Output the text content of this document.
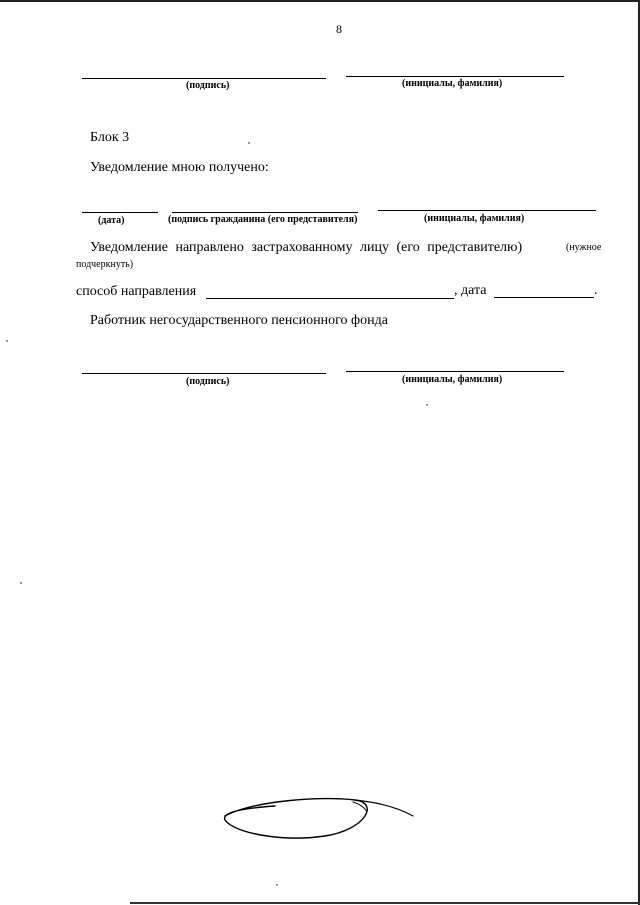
8
(подпись)	(инициалы, фамилия)
Блок 3
Уведомление мною получено:
(дата)	(подпись гражданина (его представителя)	(инициалы, фамилия)
Уведомление направлено застрахованному лицу (его представителю)	(нужное
подчеркнуть)
способ направления	, дата	.
Работник негосударственного пенсионного фонда
(подпись)	(инициалы, фамилия)
